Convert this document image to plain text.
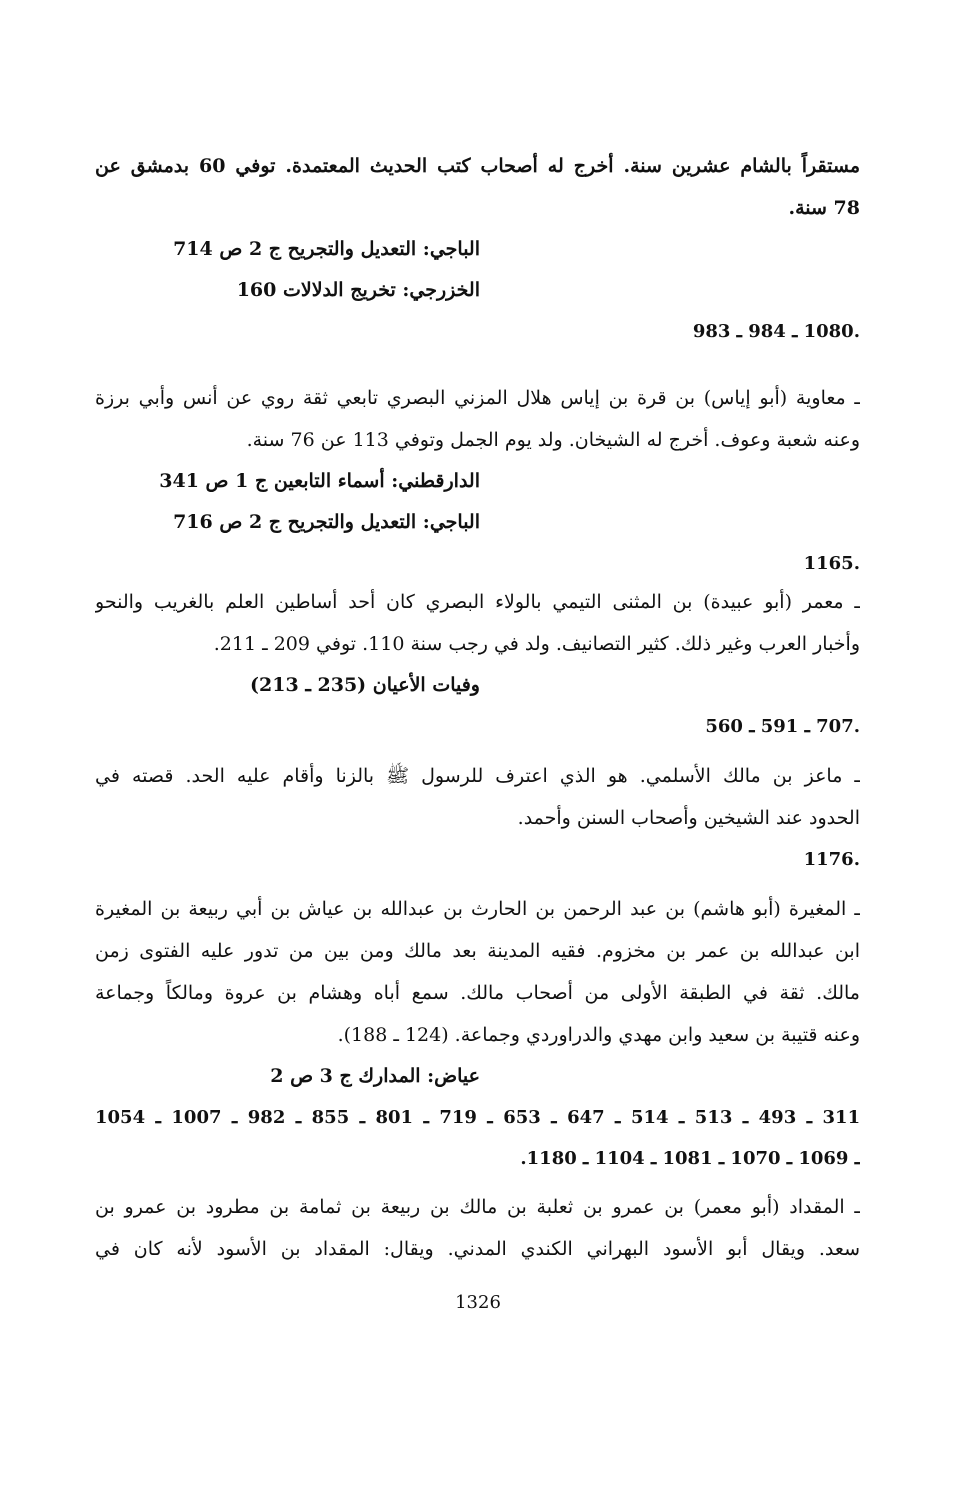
مستقراً بالشام عشرين سنة. أخرج له أصحاب كتب الحديث المعتمدة. توفي 60 بدمشق عن
78 سنة.
الباجي: التعديل والتجريح ج 2 ص 714
الخزرجي: تخريج الدلالات 160
.1080 ـ 984 ـ 983
ـ معاوية (أبو إياس) بن قرة بن إياس هلال المزني البصري تابعي ثقة روي عن أنس وأبي برزة
وعنه شعبة وعوف. أخرج له الشيخان. ولد يوم الجمل وتوفي 113 عن 76 سنة.
الدارقطني: أسماء التابعين ج 1 ص 341
الباجي: التعديل والتجريح ج 2 ص 716
.1165
ـ معمر (أبو عبيدة) بن المثنى التيمي بالولاء البصري كان أحد أساطين العلم بالغريب والنحو
وأخبار العرب وغير ذلك. كثير التصانيف. ولد في رجب سنة 110. توفي 209 ـ 211.
وفيات الأعيان (235 ـ 213)
.707 ـ 591 ـ 560
ـ ماعز بن مالك الأسلمي. هو الذي اعترف للرسول ﷺ بالزنا وأقام عليه الحد. قصته في
الحدود عند الشيخين وأصحاب السنن وأحمد.
.1176
ـ المغيرة (أبو هاشم) بن عبد الرحمن بن الحارث بن عبدالله بن عياش بن أبي ربيعة بن المغيرة
ابن عبدالله بن عمر بن مخزوم. فقيه المدينة بعد مالك ومن بين من تدور عليه الفتوى زمن
مالك. ثقة في الطبقة الأولى من أصحاب مالك. سمع أباه وهشام بن عروة ومالكاً وجماعة
وعنه قتيبة بن سعيد وابن مهدي والدراوردي وجماعة. (124 ـ 188).
عياض: المدارك ج 3 ص 2
311 ـ 493 ـ 513 ـ 514 ـ 647 ـ 653 ـ 719 ـ 801 ـ 855 ـ 982 ـ 1007 ـ 1054
ـ 1069 ـ 1070 ـ 1081 ـ 1104 ـ 1180.
ـ المقداد (أبو معمر) بن عمرو بن ثعلبة بن مالك بن ربيعة بن ثمامة بن مطرود بن عمرو بن
سعد. ويقال أبو الأسود البهراني الكندي المدني. ويقال: المقداد بن الأسود لأنه كان في
1326
